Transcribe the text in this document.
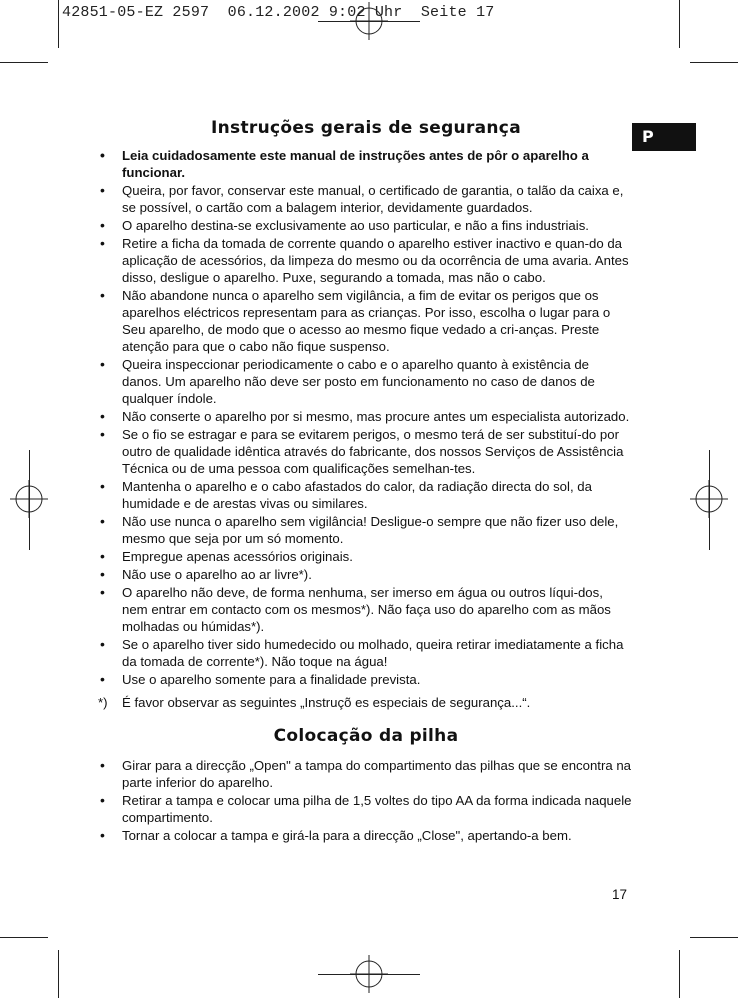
42851-05-EZ 2597  06.12.2002 9:02 Uhr  Seite 17
P
Instruções gerais de segurança
• Leia cuidadosamente este manual de instruções antes de pôr o aparelho a funcionar.
• Queira, por favor, conservar este manual, o certificado de garantia, o talão da caixa e, se possível, o cartão com a balagem interior, devidamente guardados.
• O aparelho destina-se exclusivamente ao uso particular, e não a fins industriais.
• Retire a ficha da tomada de corrente quando o aparelho estiver inactivo e quan-do da aplicação de acessórios, da limpeza do mesmo ou da ocorrência de uma avaria. Antes disso, desligue o aparelho. Puxe, segurando a tomada, mas não o cabo.
• Não abandone nunca o aparelho sem vigilância, a fim de evitar os perigos que os aparelhos eléctricos representam para as crianças. Por isso, escolha o lugar para o Seu aparelho, de modo que o acesso ao mesmo fique vedado a cri-anças. Preste atenção para que o cabo não fique suspenso.
• Queira inspeccionar periodicamente o cabo e o aparelho quanto à existência de danos. Um aparelho não deve ser posto em funcionamento no caso de danos de qualquer índole.
• Não conserte o aparelho por si mesmo, mas procure antes um especialista autorizado.
• Se o fio se estragar e para se evitarem perigos, o mesmo terá de ser substituí-do por outro de qualidade idêntica através do fabricante, dos nossos Serviços de Assistência Técnica ou de uma pessoa com qualificações semelhan-tes.
• Mantenha o aparelho e o cabo afastados do calor, da radiação directa do sol, da humidade e de arestas vivas ou similares.
• Não use nunca o aparelho sem vigilância! Desligue-o sempre que não fizer uso dele, mesmo que seja por um só momento.
• Empregue apenas acessórios originais.
• Não use o aparelho ao ar livre*).
• O aparelho não deve, de forma nenhuma, ser imerso em água ou outros líqui-dos, nem entrar em contacto com os mesmos*). Não faça uso do aparelho com as mãos molhadas ou húmidas*).
• Se o aparelho tiver sido humedecido ou molhado, queira retirar imediatamente a ficha da tomada de corrente*). Não toque na água!
• Use o aparelho somente para a finalidade prevista.
*) É favor observar as seguintes „Instruçõ es especiais de segurança...“.
Colocação da pilha
• Girar para a direcção „Open" a tampa do compartimento das pilhas que se encontra na parte inferior do aparelho.
• Retirar a tampa e colocar uma pilha de 1,5 voltes do tipo AA da forma indicada naquele compartimento.
• Tornar a colocar a tampa e girá-la para a direcção „Close", apertando-a bem.
17
